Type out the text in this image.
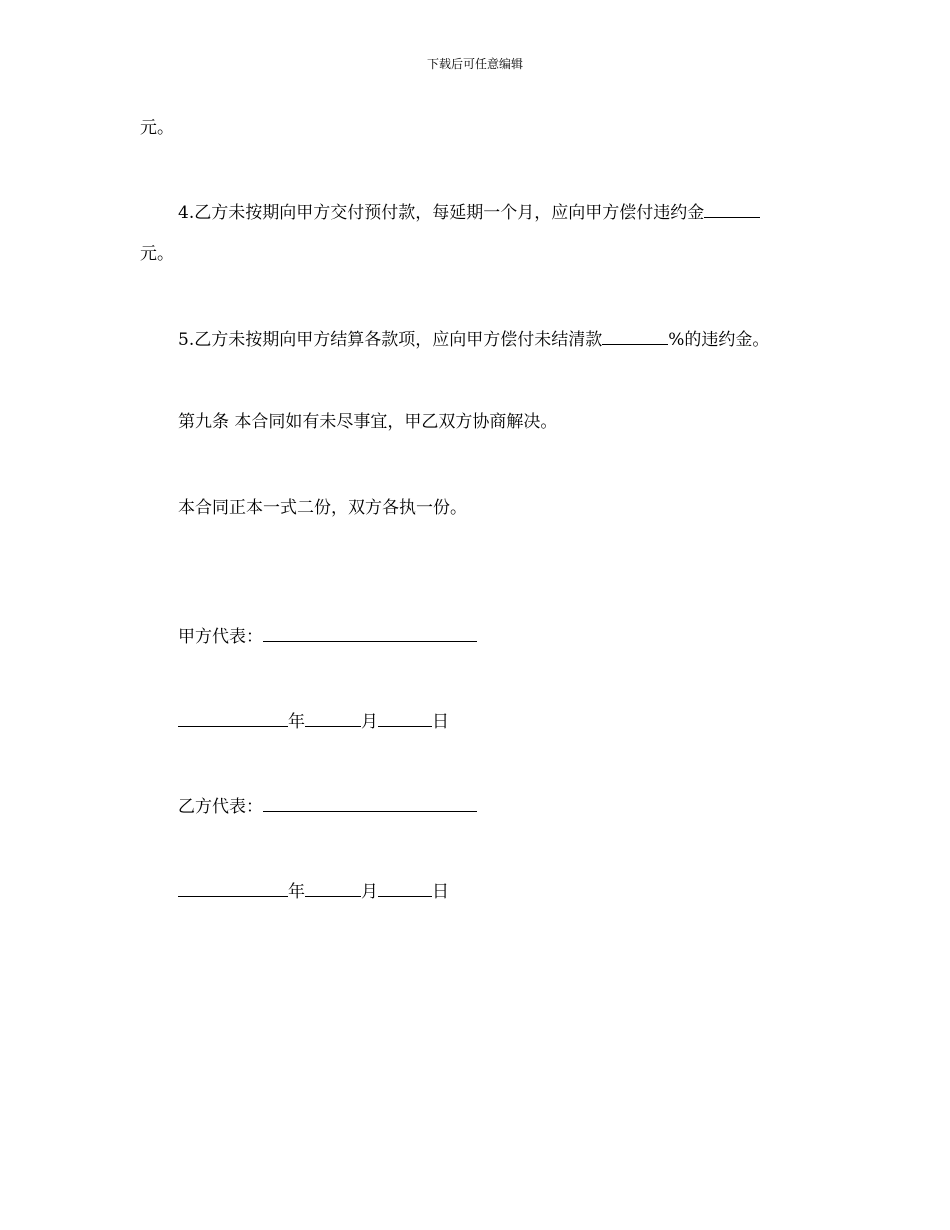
下载后可任意编辑
元。
4.乙方未按期向甲方交付预付款，每延期一个月，应向甲方偿付违约金
元。
5.乙方未按期向甲方结算各款项，应向甲方偿付未结清款	%的违约金。
第九条 本合同如有未尽事宜，甲乙双方协商解决。
本合同正本一式二份，双方各执一份。
甲方代表：
年	月	日
乙方代表：
年	月	日
